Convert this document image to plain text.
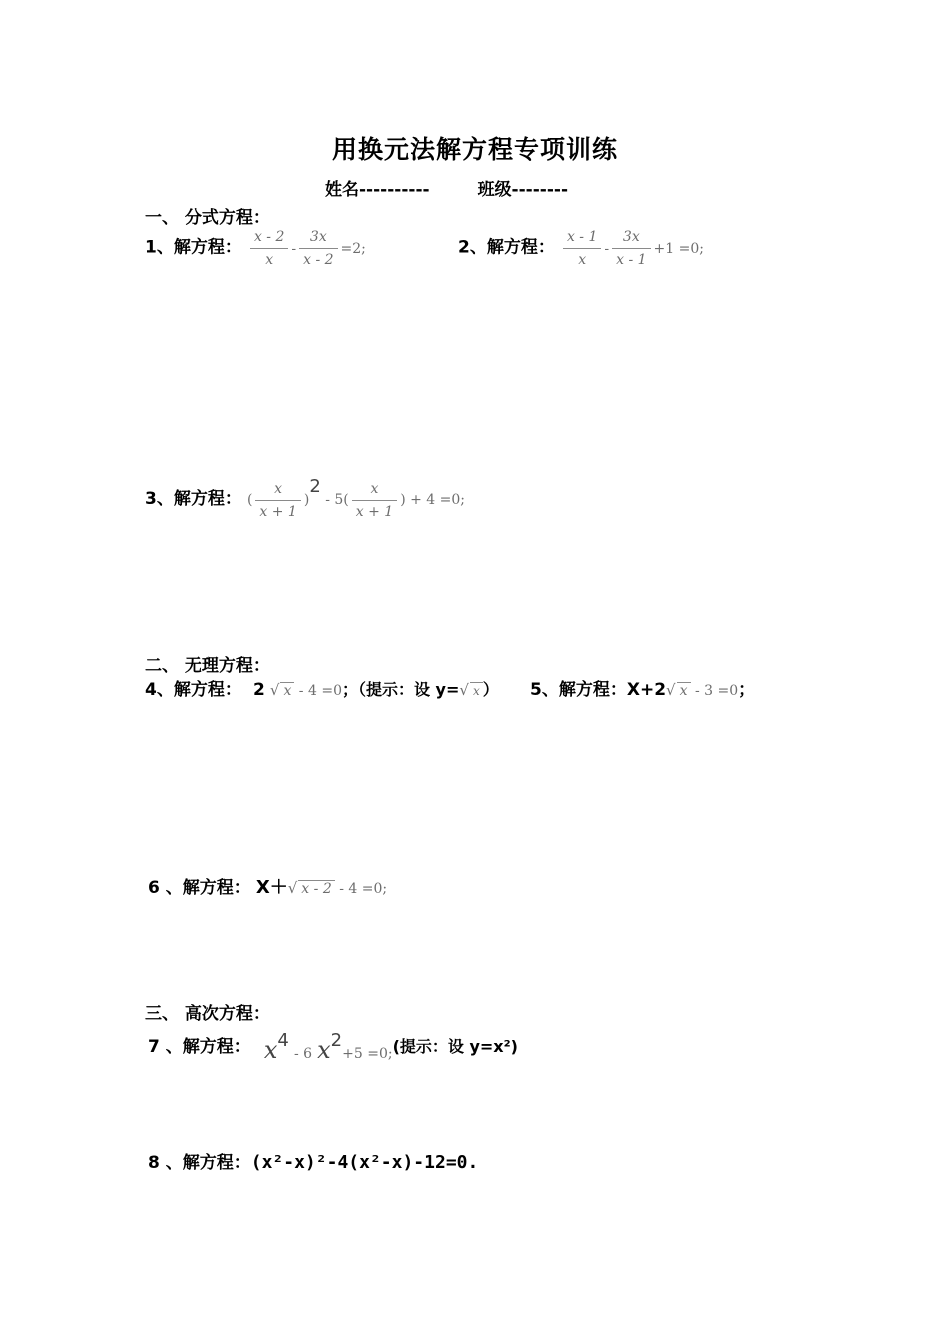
用换元法解方程专项训练
姓名----------	班级--------
一、 分式方程：
1、解方程： $\frac{x - 2}{x} - \frac{3x}{x - 2} =2$;	2、解方程： $\frac{x - 1}{x} - \frac{3x}{x - 1} +1 =0$;
3、解方程： ( $\frac{x}{x + 1} )2 - 5( \frac{x}{x + 1}$ ) + 4 =0;
二、 无理方程：
4、解方程： 2 √ x - 4 =0；（提示：设 y=√ x ） 5、解方程：X+2√ x - 3 =0；
6 、解方程： X＋√ x - 2 - 4 =0;
三、 高次方程：
7 、解方程： x4 - 6 x2+5 =0;(提示：设 y=x²)
8 、解方程：(x²-x)²-4(x²-x)-12=0.
